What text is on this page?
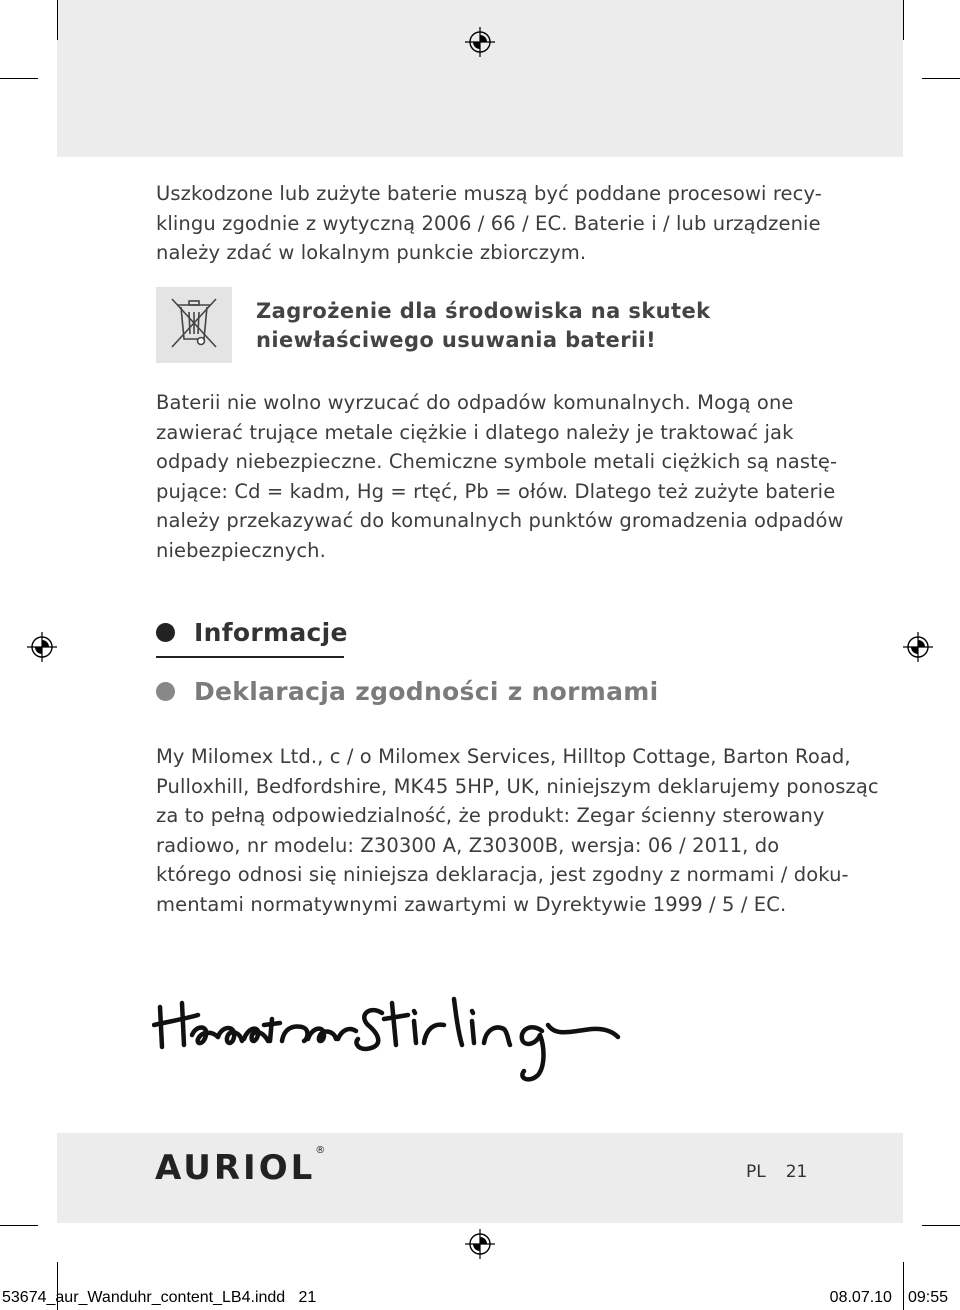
Uszkodzone lub zużyte baterie muszą być poddane procesowi recy-
klingu zgodnie z wytyczną 2006 / 66 / EC. Baterie i / lub urządzenie
należy zdać w lokalnym punkcie zbiorczym.

Zagrożenie dla środowiska na skutek
niewłaściwego usuwania baterii!

Baterii nie wolno wyrzucać do odpadów komunalnych. Mogą one
zawierać trujące metale ciężkie i dlatego należy je traktować jak
odpady niebezpieczne. Chemiczne symbole metali ciężkich są nastę-
pujące: Cd = kadm, Hg = rtęć, Pb = ołów. Dlatego też zużyte baterie
należy przekazywać do komunalnych punktów gromadzenia odpadów
niebezpiecznych.

Informacje
Deklaracja zgodności z normami

My Milomex Ltd., c / o Milomex Services, Hilltop Cottage, Barton Road,
Pulloxhill, Bedfordshire, MK45 5HP, UK, niniejszym deklarujemy ponosząc
za to pełną odpowiedzialność, że produkt: Zegar ścienny sterowany
radiowo, nr modelu: Z30300 A, Z30300B, wersja: 06 / 2011, do
którego odnosi się niniejsza deklaracja, jest zgodny z normami / doku-
mentami normatywnymi zawartymi w Dyrektywie 1999 / 5 / EC.

AURIOL®
PL 21
53674_aur_Wanduhr_content_LB4.indd   21	08.07.10 09:55
